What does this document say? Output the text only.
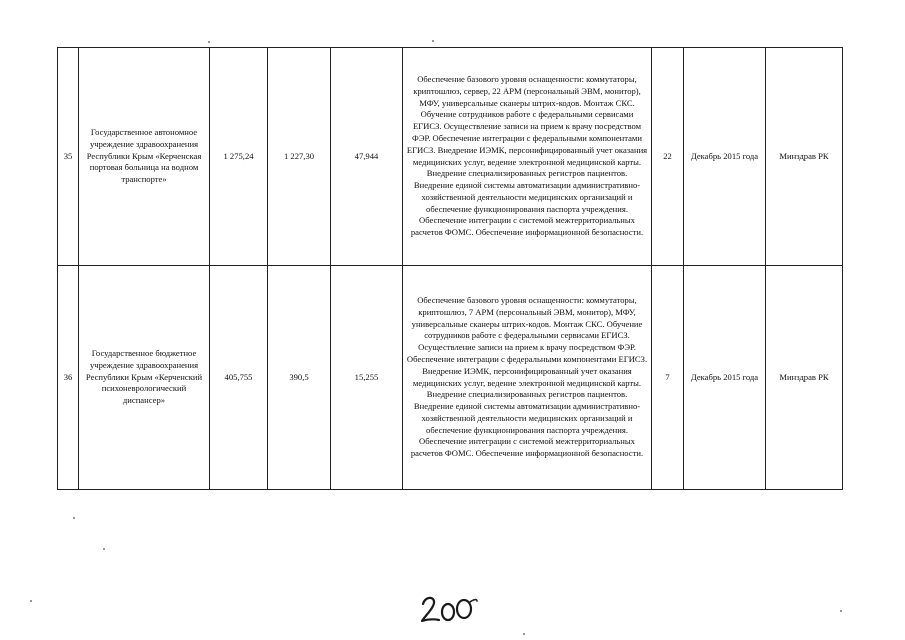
35	Государственное автономное учреждение здравоохранения Республики Крым «Керченская портовая больница на водном транспорте»	1 275,24	1 227,30	47,944	Обеспечение базового уровня оснащенности: коммутаторы, криптошлюз, сервер, 22 АРМ (персональный ЭВМ, монитор), МФУ, универсальные сканеры штрих-кодов. Монтаж СКС. Обучение сотрудников работе с федеральными сервисами ЕГИСЗ. Осуществление записи на прием к врачу посредством ФЭР. Обеспечение интеграции с федеральными компонентами ЕГИСЗ. Внедрение ИЭМК, персонифицированный учет оказания медицинских услуг, ведение электронной медицинской карты. Внедрение специализированных регистров пациентов. Внедрение единой системы автоматизации административно-хозяйственной деятельности медицинских организаций и обеспечение функционирования паспорта учреждения. Обеспечение интеграции с системой межтерриториальных расчетов ФОМС. Обеспечение информационной безопасности.	22	Декабрь 2015 года	Минздрав РК
36	Государственное бюджетное учреждение здравоохранения Республики Крым «Керченский психоневрологический диспансер»	405,755	390,5	15,255	Обеспечение базового уровня оснащенности: коммутаторы, криптошлюз, 7 АРМ (персональный ЭВМ, монитор), МФУ, универсальные сканеры штрих-кодов. Монтаж СКС. Обучение сотрудников работе с федеральными сервисами ЕГИСЗ. Осуществление записи на прием к врачу посредством ФЭР. Обеспечение интеграции с федеральными компонентами ЕГИСЗ. Внедрение ИЭМК, персонифицированный учет оказания медицинских услуг, ведение электронной медицинской карты. Внедрение специализированных регистров пациентов. Внедрение единой системы автоматизации административно-хозяйственной деятельности медицинских организаций и обеспечение функционирования паспорта учреждения. Обеспечение интеграции с системой межтерриториальных расчетов ФОМС. Обеспечение информационной безопасности.	7	Декабрь 2015 года	Минздрав РК
